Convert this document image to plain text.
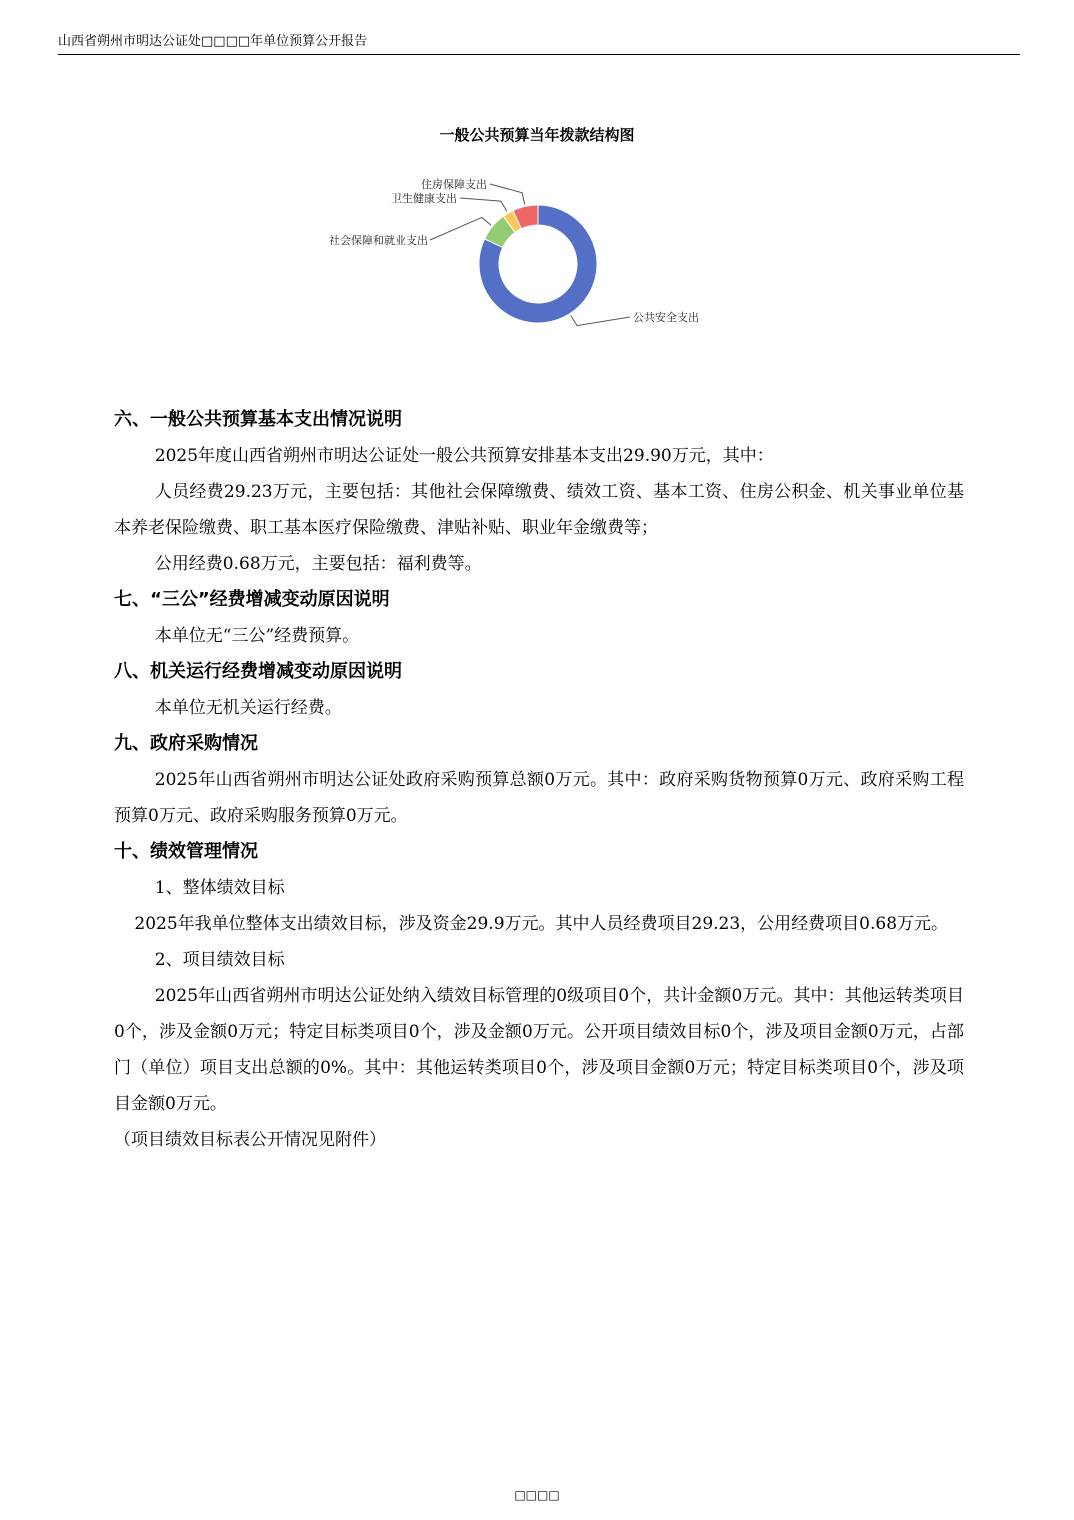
山西省朔州市明达公证处□□□□年单位预算公开报告
一般公共预算当年拨款结构图
公共安全支出
社会保障和就业支出
卫生健康支出
住房保障支出

六、一般公共预算基本支出情况说明

2025年度山西省朔州市明达公证处一般公共预算安排基本支出29.90万元，其中：

人员经费29.23万元，主要包括：其他社会保障缴费、绩效工资、基本工资、住房公积金、机关事业单位基本养老保险缴费、职工基本医疗保险缴费、津贴补贴、职业年金缴费等；

公用经费0.68万元，主要包括：福利费等。

七、“三公”经费增减变动原因说明

本单位无“三公”经费预算。

八、机关运行经费增减变动原因说明

本单位无机关运行经费。

九、政府采购情况

2025年山西省朔州市明达公证处政府采购预算总额0万元。其中：政府采购货物预算0万元、政府采购工程预算0万元、政府采购服务预算0万元。

十、绩效管理情况

1、整体绩效目标

2025年我单位整体支出绩效目标，涉及资金29.9万元。其中人员经费项目29.23，公用经费项目0.68万元。

2、项目绩效目标

2025年山西省朔州市明达公证处纳入绩效目标管理的0级项目0个，共计金额0万元。其中：其他运转类项目0个，涉及金额0万元；特定目标类项目0个，涉及金额0万元。公开项目绩效目标0个，涉及项目金额0万元，占部门（单位）项目支出总额的0%。其中：其他运转类项目0个，涉及项目金额0万元；特定目标类项目0个，涉及项目金额0万元。

（项目绩效目标表公开情况见附件）

□□□□
